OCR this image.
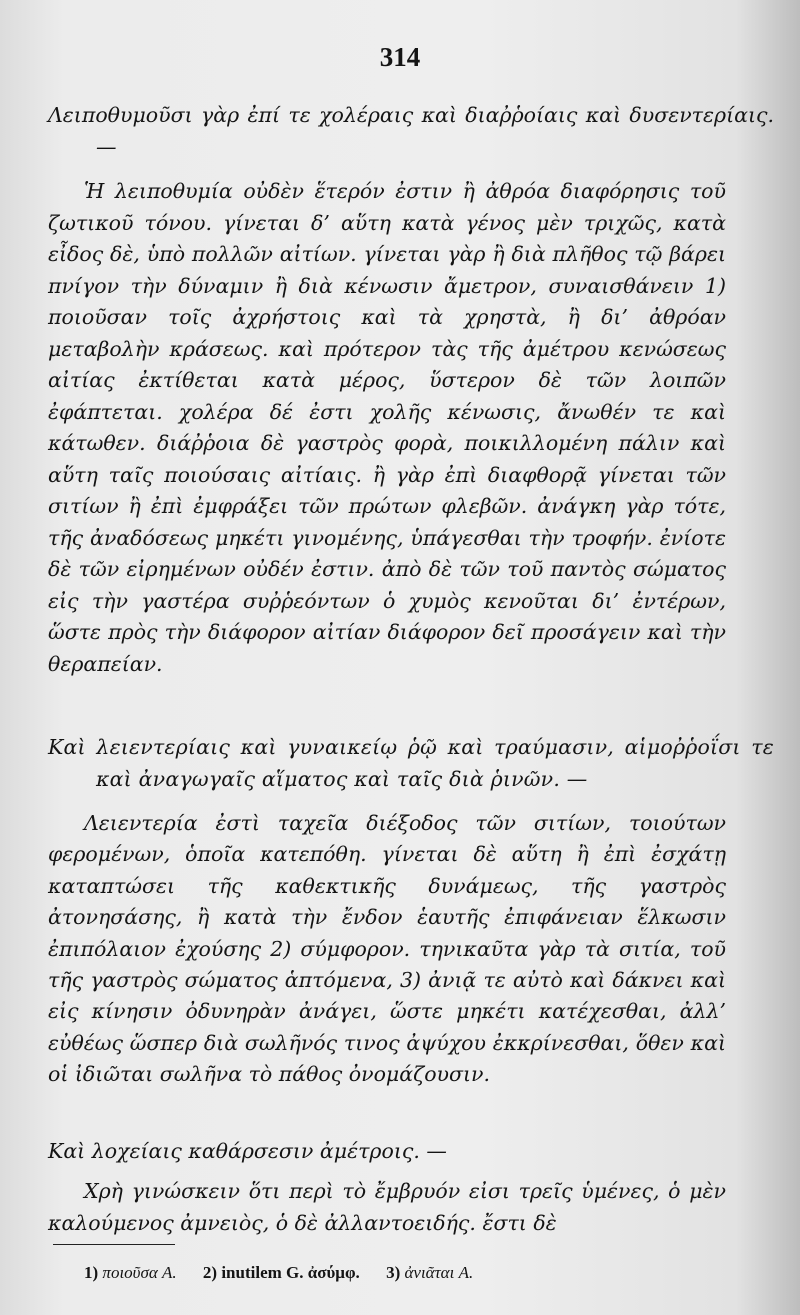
314

Λειποθυμοῦσι γὰρ ἐπί τε χολέραις καὶ διαῤῥοίαις καὶ δυσεντερίαις. —

Ἡ λειποθυμία οὐδὲν ἕτερόν ἐστιν ἢ ἀθρόα διαφόρησις τοῦ ζωτικοῦ τόνου. γίνεται δ’ αὕτη κατὰ γένος μὲν τριχῶς, κατὰ εἶδος δὲ, ὑπὸ πολλῶν αἰτίων. γίνεται γὰρ ἢ διὰ πλῆθος τῷ βάρει πνίγον τὴν δύναμιν ἢ διὰ κένωσιν ἄμετρον, συναισθάνειν 1) ποιοῦσαν τοῖς ἀχρήστοις καὶ τὰ χρηστὰ, ἢ δι’ ἀθρόαν μεταβολὴν κράσεως. καὶ πρότερον τὰς τῆς ἀμέτρου κενώσεως αἰτίας ἐκτίθεται κατὰ μέρος, ὕστερον δὲ τῶν λοιπῶν ἐφάπτεται. χολέρα δέ ἐστι χολῆς κένωσις, ἄνωθέν τε καὶ κάτωθεν. διάῤῥοια δὲ γαστρὸς φορὰ, ποικιλλομένη πάλιν καὶ αὕτη ταῖς ποιούσαις αἰτίαις. ἢ γὰρ ἐπὶ διαφθορᾷ γίνεται τῶν σιτίων ἢ ἐπὶ ἐμφράξει τῶν πρώτων φλεβῶν. ἀνάγκη γὰρ τότε, τῆς ἀναδόσεως μηκέτι γινομένης, ὑπάγεσθαι τὴν τροφήν. ἐνίοτε δὲ τῶν εἰρημένων οὐδέν ἐστιν. ἀπὸ δὲ τῶν τοῦ παντὸς σώματος εἰς τὴν γαστέρα συῤῥεόντων ὁ χυμὸς κενοῦται δι’ ἐντέρων, ὥστε πρὸς τὴν διάφορον αἰτίαν διάφορον δεῖ προσάγειν καὶ τὴν θεραπείαν.

Καὶ λειεντερίαις καὶ γυναικείῳ ῥῷ καὶ τραύμασιν, αἱμοῤῥοΐσι τε καὶ ἀναγωγαῖς αἵματος καὶ ταῖς διὰ ῥινῶν. —

Λειεντερία ἐστὶ ταχεῖα διέξοδος τῶν σιτίων, τοιούτων φερομένων, ὁποῖα κατεπόθη. γίνεται δὲ αὕτη ἢ ἐπὶ ἐσχάτῃ καταπτώσει τῆς καθεκτικῆς δυνάμεως, τῆς γαστρὸς ἀτονησάσης, ἢ κατὰ τὴν ἔνδον ἑαυτῆς ἐπιφάνειαν ἕλκωσιν ἐπιπόλαιον ἐχούσης 2) σύμφορον. τηνικαῦτα γὰρ τὰ σιτία, τοῦ τῆς γαστρὸς σώματος ἁπτόμενα, 3) ἀνιᾷ τε αὐτὸ καὶ δάκνει καὶ εἰς κίνησιν ὀδυνηρὰν ἀνάγει, ὥστε μηκέτι κατέχεσθαι, ἀλλ’ εὐθέως ὥσπερ διὰ σωλῆνός τινος ἀψύχου ἐκκρίνεσθαι, ὅθεν καὶ οἱ ἰδιῶται σωλῆνα τὸ πάθος ὀνομάζουσιν.

Καὶ λοχείαις καθάρσεσιν ἀμέτροις. —

Χρὴ γινώσκειν ὅτι περὶ τὸ ἔμβρυόν εἰσι τρεῖς ὑμένες, ὁ μὲν καλούμενος ἀμνειὸς, ὁ δὲ ἀλλαντοειδής. ἔστι δὲ

1) ποιοῦσα A. 2) inutilem G. ἀσύμφ. 3) ἀνιᾶται A.
